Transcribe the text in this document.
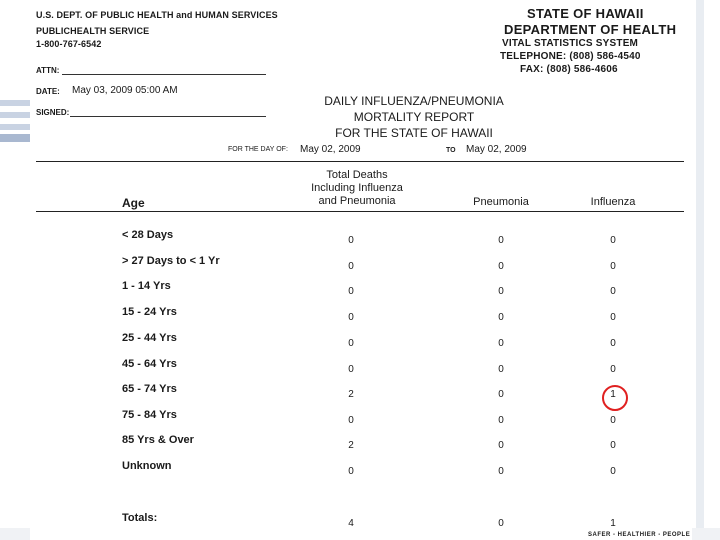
U.S. DEPT. OF PUBLIC HEALTH and HUMAN SERVICES
PUBLICHEALTH SERVICE
1-800-767-6542
STATE OF HAWAII
DEPARTMENT OF HEALTH
VITAL STATISTICS SYSTEM
TELEPHONE: (808) 586-4540
FAX: (808) 586-4606
ATTN:
DATE: May 03, 2009 05:00 AM
SIGNED:
DAILY INFLUENZA/PNEUMONIA
MORTALITY REPORT
FOR THE STATE OF HAWAII
FOR THE DAY OF: May 02, 2009	TO May 02, 2009
Age
Total Deaths
Including Influenza
and Pneumonia	Pneumonia	Influenza
< 28 Days	0	0	0
> 27 Days to < 1 Yr	0	0	0
1 - 14 Yrs	0	0	0
15 - 24 Yrs	0	0	0
25 - 44 Yrs	0	0	0
45 - 64 Yrs	0	0	0
65 - 74 Yrs	2	0	1
75 - 84 Yrs	0	0	0
85 Yrs & Over	2	0	0
Unknown	0	0	0
Totals:	4	0	1
SAFER - HEALTHIER - PEOPLE
